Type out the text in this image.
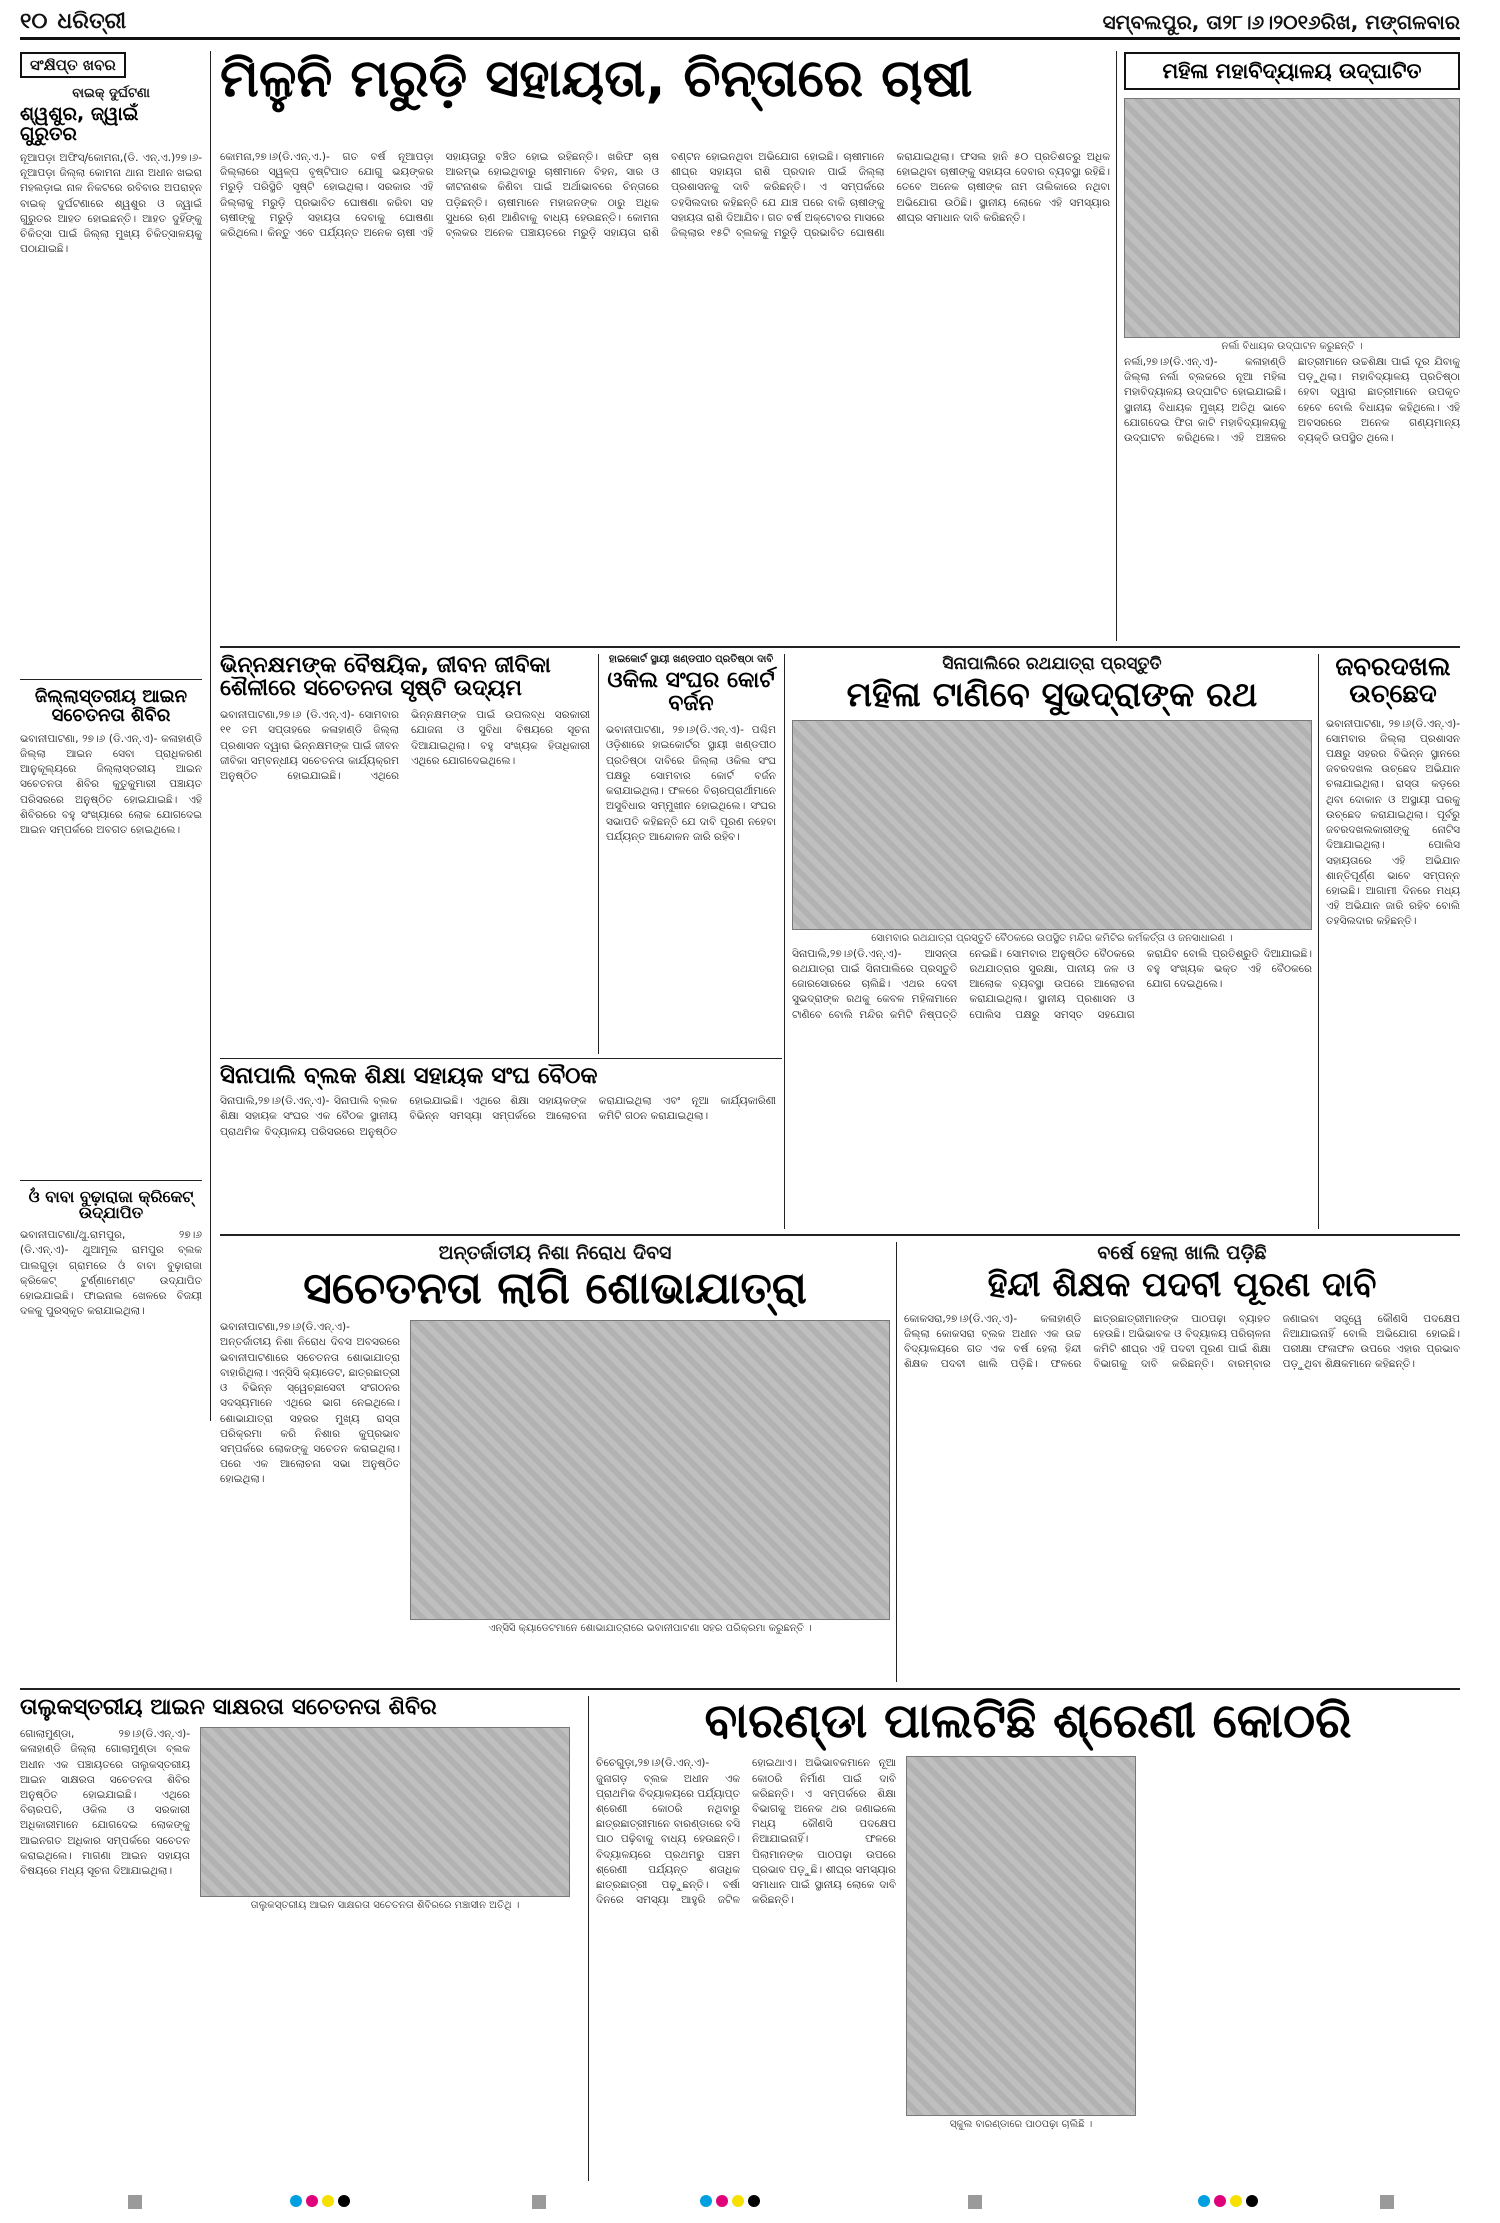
୧୦ ଧରିତ୍ରୀ	ସମ୍ବଲପୁର, ତା୨୮।୬।୨୦୧୬ରିଖ, ମଙ୍ଗଳବାର
ସଂକ୍ଷିପ୍ତ ଖବର
ବାଇକ୍ ଦୁର୍ଘଟଣା
ଶ୍ୱଶୁର, ଜ୍ୱାଇଁ ଗୁରୁତର
ନୂଆପଡ଼ା ଅଫିସ୍/କୋମନା,(ଡି. ଏନ୍.ଏ.)୨୭।୬- ନୂଆପଡ଼ା ଜିଲ୍ଲା କୋମନା ଥାନା ଅଧୀନ ଖଇରା ମହଲଡ଼ାଇ ନାଳ ନିକଟରେ ରବିବାର ଅପରାହ୍ନ ବାଇକ୍ ଦୁର୍ଘଟଣାରେ ଶ୍ୱଶୁର ଓ ଜ୍ୱାଇଁ ଗୁରୁତର ଆହତ ହୋଇଛନ୍ତି। ଆହତ ଦୁହିଁଙ୍କୁ ଚିକିତ୍ସା ପାଇଁ ଜିଲ୍ଲା ମୁଖ୍ୟ ଚିକିତ୍ସାଳୟକୁ ପଠାଯାଇଛି।
ଜିଲ୍ଲାସ୍ତରୀୟ ଆଇନ ସଚେତନତା ଶିବିର
ଭବାନୀପାଟଣା, ୨୭।୬ (ଡି.ଏନ୍.ଏ)- କଳାହାଣ୍ଡି ଜିଲ୍ଲା ଆଇନ ସେବା ପ୍ରାଧିକରଣ ଆନୁକୂଲ୍ୟରେ ଜିଲ୍ଲାସ୍ତରୀୟ ଆଇନ ସଚେତନତା ଶିବିର କୁତୁକୁମାରୀ ପଞ୍ଚାୟତ ପରିସରରେ ଅନୁଷ୍ଠିତ ହୋଇଯାଇଛି। ଏହି ଶିବିରରେ ବହୁ ସଂଖ୍ୟାରେ ଲୋକ ଯୋଗଦେଇ ଆଇନ ସମ୍ପର୍କରେ ଅବଗତ ହୋଇଥିଲେ।
ଓଁ ବାବା ବୁଢ଼ାରାଜା କ୍ରିକେଟ୍ ଉଦ୍‌ଯାପିତ
ଭବାନୀପାଟଣା/ଥୁ.ରାମପୁର, ୨୭।୬ (ଡି.ଏନ୍.ଏ)- ଥୁଆମୂଲ ରାମପୁର ବ୍ଲକ ପାଲଗୁଡ଼ା ଗ୍ରାମରେ ଓଁ ବାବା ବୁଢ଼ାରାଜା କ୍ରିକେଟ୍ ଟୁର୍ଣ୍ଣାମେଣ୍ଟ ଉଦ୍‌ଯାପିତ ହୋଇଯାଇଛି। ଫାଇନାଲ ଖେଳରେ ବିଜୟୀ ଦଳକୁ ପୁରସ୍କୃତ କରାଯାଇଥିଲା।
ମିଳୁନି ମରୁଡ଼ି ସହାୟତା, ଚିନ୍ତାରେ ଚାଷୀ
କୋମନା,୨୭।୬(ଡି.ଏନ୍.ଏ.)- ଗତ ବର୍ଷ ନୂଆପଡ଼ା ଜିଲ୍ଲାରେ ସ୍ୱଳ୍ପ ବୃଷ୍ଟିପାତ ଯୋଗୁ ଭୟଙ୍କର ମରୁଡ଼ି ପରିସ୍ଥିତି ସୃଷ୍ଟି ହୋଇଥିଲା। ସରକାର ଏହି ଜିଲ୍ଲାକୁ ମରୁଡ଼ି ପ୍ରଭାବିତ ଘୋଷଣା କରିବା ସହ ଚାଷୀଙ୍କୁ ମରୁଡ଼ି ସହାୟତା ଦେବାକୁ ଘୋଷଣା କରିଥିଲେ। କିନ୍ତୁ ଏବେ ପର୍ଯ୍ୟନ୍ତ ଅନେକ ଚାଷୀ ଏହି ସହାୟତାରୁ ବଞ୍ଚିତ ହୋଇ ରହିଛନ୍ତି। ଖରିଫ ଚାଷ ଆରମ୍ଭ ହୋଇଥିବାରୁ ଚାଷୀମାନେ ବିହନ, ସାର ଓ କୀଟନାଶକ କିଣିବା ପାଇଁ ଅର୍ଥାଭାବରେ ଚିନ୍ତାରେ ପଡ଼ିଛନ୍ତି। ଚାଷୀମାନେ ମହାଜନଙ୍କ ଠାରୁ ଅଧିକ ସୁଧରେ ଋଣ ଆଣିବାକୁ ବାଧ୍ୟ ହେଉଛନ୍ତି। କୋମନା ବ୍ଲକର ଅନେକ ପଞ୍ଚାୟତରେ ମରୁଡ଼ି ସହାୟତା ରାଶି ବଣ୍ଟନ ହୋଇନଥିବା ଅଭିଯୋଗ ହୋଇଛି। ଚାଷୀମାନେ ଶୀଘ୍ର ସହାୟତା ରାଶି ପ୍ରଦାନ ପାଇଁ ଜିଲ୍ଲା ପ୍ରଶାସନକୁ ଦାବି କରିଛନ୍ତି। ଏ ସମ୍ପର୍କରେ ତହସିଲଦାର କହିଛନ୍ତି ଯେ ଯାଞ୍ଚ ପରେ ବାକି ଚାଷୀଙ୍କୁ ସହାୟତା ରାଶି ଦିଆଯିବ। ଗତ ବର୍ଷ ଅକ୍ଟୋବର ମାସରେ ଜିଲ୍ଲାର ୧୫ଟି ବ୍ଲକକୁ ମରୁଡ଼ି ପ୍ରଭାବିତ ଘୋଷଣା କରାଯାଇଥିଲା। ଫସଲ ହାନି ୫୦ ପ୍ରତିଶତରୁ ଅଧିକ ହୋଇଥିବା ଚାଷୀଙ୍କୁ ସହାୟତା ଦେବାର ବ୍ୟବସ୍ଥା ରହିଛି। ତେବେ ଅନେକ ଚାଷୀଙ୍କ ନାମ ତାଲିକାରେ ନଥିବା ଅଭିଯୋଗ ଉଠିଛି। ସ୍ଥାନୀୟ ଲୋକେ ଏହି ସମସ୍ୟାର ଶୀଘ୍ର ସମାଧାନ ଦାବି କରିଛନ୍ତି।
ମହିଳା ମହାବିଦ୍ୟାଳୟ ଉଦ୍‌ଘାଟିତ
ନର୍ଲା ବିଧାୟକ ଉଦ୍‌ଘାଟନ କରୁଛନ୍ତି ।
ନର୍ଲା,୨୭।୬(ଡି.ଏନ୍.ଏ)- କଳାହାଣ୍ଡି ଜିଲ୍ଲା ନର୍ଲା ବ୍ଲକରେ ନୂଆ ମହିଳା ମହାବିଦ୍ୟାଳୟ ଉଦ୍‌ଘାଟିତ ହୋଇଯାଇଛି। ସ୍ଥାନୀୟ ବିଧାୟକ ମୁଖ୍ୟ ଅତିଥି ଭାବେ ଯୋଗଦେଇ ଫିତା କାଟି ମହାବିଦ୍ୟାଳୟକୁ ଉଦ୍‌ଘାଟନ କରିଥିଲେ। ଏହି ଅଞ୍ଚଳର ଛାତ୍ରୀମାନେ ଉଚ୍ଚଶିକ୍ଷା ପାଇଁ ଦୂର ଯିବାକୁ ପଡ଼ୁଥିଲା। ମହାବିଦ୍ୟାଳୟ ପ୍ରତିଷ୍ଠା ହେବା ଦ୍ୱାରା ଛାତ୍ରୀମାନେ ଉପକୃତ ହେବେ ବୋଲି ବିଧାୟକ କହିଥିଲେ। ଏହି ଅବସରରେ ଅନେକ ଗଣ୍ୟମାନ୍ୟ ବ୍ୟକ୍ତି ଉପସ୍ଥିତ ଥିଲେ।
ଭିନ୍ନକ୍ଷମଙ୍କ ବୈଷୟିକ, ଜୀବନ ଜୀବିକା ଶୈଳୀରେ ସଚେତନତା ସୃଷ୍ଟି ଉଦ୍ୟମ
ଭବାନୀପାଟଣା,୨୭।୬ (ଡି.ଏନ୍.ଏ)- ସୋମବାର ୧୧ ତମ ସପ୍ତାହରେ କଳାହାଣ୍ଡି ଜିଲ୍ଲା ପ୍ରଶାସନ ଦ୍ୱାରା ଭିନ୍ନକ୍ଷମଙ୍କ ପାଇଁ ଜୀବନ ଜୀବିକା ସମ୍ବନ୍ଧୀୟ ସଚେତନତା କାର୍ଯ୍ୟକ୍ରମ ଅନୁଷ୍ଠିତ ହୋଇଯାଇଛି। ଏଥିରେ ଭିନ୍ନକ୍ଷମଙ୍କ ପାଇଁ ଉପଲବ୍ଧ ସରକାରୀ ଯୋଜନା ଓ ସୁବିଧା ବିଷୟରେ ସୂଚନା ଦିଆଯାଇଥିଲା। ବହୁ ସଂଖ୍ୟକ ହିତାଧିକାରୀ ଏଥିରେ ଯୋଗଦେଇଥିଲେ।
ହାଇକୋର୍ଟ ସ୍ଥାୟୀ ଖଣ୍ଡପୀଠ ପ୍ରତିଷ୍ଠା ଦାବି
ଓକିଲ ସଂଘର କୋର୍ଟ ବର୍ଜନ
ଭବାନୀପାଟଣା, ୨୭।୬(ଡି.ଏନ୍.ଏ)- ପଶ୍ଚିମ ଓଡ଼ିଶାରେ ହାଇକୋର୍ଟର ସ୍ଥାୟୀ ଖଣ୍ଡପୀଠ ପ୍ରତିଷ୍ଠା ଦାବିରେ ଜିଲ୍ଲା ଓକିଲ ସଂଘ ପକ୍ଷରୁ ସୋମବାର କୋର୍ଟ ବର୍ଜନ କରାଯାଇଥିଲା। ଫଳରେ ବିଚାରପ୍ରାର୍ଥୀମାନେ ଅସୁବିଧାର ସମ୍ମୁଖୀନ ହୋଇଥିଲେ। ସଂଘର ସଭାପତି କହିଛନ୍ତି ଯେ ଦାବି ପୂରଣ ନହେବା ପର୍ଯ୍ୟନ୍ତ ଆନ୍ଦୋଳନ ଜାରି ରହିବ।
ସିନାପାଲିରେ ରଥଯାତ୍ରା ପ୍ରସ୍ତୁତି
ମହିଳା ଟାଣିବେ ସୁଭଦ୍ରାଙ୍କ ରଥ
ସୋମବାର ରଥଯାତ୍ରା ପ୍ରସ୍ତୁତି ବୈଠକରେ ଉପସ୍ଥିତ ମନ୍ଦିର କମିଟିର କର୍ମକର୍ତ୍ତା ଓ ଜନସାଧାରଣ ।
ସିନାପାଲି,୨୭।୬(ଡି.ଏନ୍.ଏ)- ଆସନ୍ତା ରଥଯାତ୍ରା ପାଇଁ ସିନାପାଲିରେ ପ୍ରସ୍ତୁତି ଜୋରସୋରରେ ଚାଲିଛି। ଏଥର ଦେବୀ ସୁଭଦ୍ରାଙ୍କ ରଥକୁ କେବଳ ମହିଳାମାନେ ଟାଣିବେ ବୋଲି ମନ୍ଦିର କମିଟି ନିଷ୍ପତ୍ତି ନେଇଛି। ସୋମବାର ଅନୁଷ୍ଠିତ ବୈଠକରେ ରଥଯାତ୍ରାର ସୁରକ୍ଷା, ପାନୀୟ ଜଳ ଓ ଆଲୋକ ବ୍ୟବସ୍ଥା ଉପରେ ଆଲୋଚନା କରାଯାଇଥିଲା। ସ୍ଥାନୀୟ ପ୍ରଶାସନ ଓ ପୋଲିସ ପକ୍ଷରୁ ସମସ୍ତ ସହଯୋଗ କରାଯିବ ବୋଲି ପ୍ରତିଶ୍ରୁତି ଦିଆଯାଇଛି। ବହୁ ସଂଖ୍ୟକ ଭକ୍ତ ଏହି ବୈଠକରେ ଯୋଗ ଦେଇଥିଲେ।
ଜବରଦଖଲ ଉଚ୍ଛେଦ
ଭବାନୀପାଟଣା, ୨୭।୬(ଡି.ଏନ୍.ଏ)- ସୋମବାର ଜିଲ୍ଲା ପ୍ରଶାସନ ପକ୍ଷରୁ ସହରର ବିଭିନ୍ନ ସ୍ଥାନରେ ଜବରଦଖଲ ଉଚ୍ଛେଦ ଅଭିଯାନ ଚଳାଯାଇଥିଲା। ରାସ୍ତା କଡ଼ରେ ଥିବା ଦୋକାନ ଓ ଅସ୍ଥାୟୀ ଘରକୁ ଉଚ୍ଛେଦ କରାଯାଇଥିଲା। ପୂର୍ବରୁ ଜବରଦଖଲକାରୀଙ୍କୁ ନୋଟିସ ଦିଆଯାଇଥିଲା। ପୋଲିସ ସହାୟତାରେ ଏହି ଅଭିଯାନ ଶାନ୍ତିପୂର୍ଣ୍ଣ ଭାବେ ସମ୍ପନ୍ନ ହୋଇଛି। ଆଗାମୀ ଦିନରେ ମଧ୍ୟ ଏହି ଅଭିଯାନ ଜାରି ରହିବ ବୋଲି ତହସିଲଦାର କହିଛନ୍ତି।
ସିନାପାଲି ବ୍ଲକ ଶିକ୍ଷା ସହାୟକ ସଂଘ ବୈଠକ
ସିନାପାଲି,୨୭।୬(ଡି.ଏନ୍.ଏ)- ସିନାପାଲି ବ୍ଲକ ଶିକ୍ଷା ସହାୟକ ସଂଘର ଏକ ବୈଠକ ସ୍ଥାନୀୟ ପ୍ରାଥମିକ ବିଦ୍ୟାଳୟ ପରିସରରେ ଅନୁଷ୍ଠିତ ହୋଇଯାଇଛି। ଏଥିରେ ଶିକ୍ଷା ସହାୟକଙ୍କ ବିଭିନ୍ନ ସମସ୍ୟା ସମ୍ପର୍କରେ ଆଲୋଚନା କରାଯାଇଥିଲା ଏବଂ ନୂଆ କାର୍ଯ୍ୟକାରିଣୀ କମିଟି ଗଠନ କରାଯାଇଥିଲା।
ଅନ୍ତର୍ଜାତୀୟ ନିଶା ନିରୋଧ ଦିବସ
ସଚେତନତା ଲାଗି ଶୋଭାଯାତ୍ରା
ଭବାନୀପାଟଣା,୨୭।୬(ଡି.ଏନ୍.ଏ)- ଅନ୍ତର୍ଜାତୀୟ ନିଶା ନିରୋଧ ଦିବସ ଅବସରରେ ଭବାନୀପାଟଣାରେ ସଚେତନତା ଶୋଭାଯାତ୍ରା ବାହାରିଥିଲା। ଏନ୍‌ସିସି କ୍ୟାଡେଟ, ଛାତ୍ରଛାତ୍ରୀ ଓ ବିଭିନ୍ନ ସ୍ୱେଚ୍ଛାସେବୀ ସଂଗଠନର ସଦସ୍ୟମାନେ ଏଥିରେ ଭାଗ ନେଇଥିଲେ। ଶୋଭାଯାତ୍ରା ସହରର ମୁଖ୍ୟ ରାସ୍ତା ପରିକ୍ରମା କରି ନିଶାର କୁପ୍ରଭାବ ସମ୍ପର୍କରେ ଲୋକଙ୍କୁ ସଚେତନ କରାଇଥିଲା। ପରେ ଏକ ଆଲୋଚନା ସଭା ଅନୁଷ୍ଠିତ ହୋଇଥିଲା।
ଏନ୍‌ସିସି କ୍ୟାଡେଟମାନେ ଶୋଭାଯାତ୍ରାରେ ଭବାନୀପାଟଣା ସହର ପରିକ୍ରମା କରୁଛନ୍ତି ।
ବର୍ଷେ ହେଲା ଖାଲି ପଡ଼ିଛି
ହିନ୍ଦୀ ଶିକ୍ଷକ ପଦବୀ ପୂରଣ ଦାବି
କୋକସରା,୨୭।୬(ଡି.ଏନ୍.ଏ)- କଳାହାଣ୍ଡି ଜିଲ୍ଲା କୋକସରା ବ୍ଲକ ଅଧୀନ ଏକ ଉଚ୍ଚ ବିଦ୍ୟାଳୟରେ ଗତ ଏକ ବର୍ଷ ହେଲା ହିନ୍ଦୀ ଶିକ୍ଷକ ପଦବୀ ଖାଲି ପଡ଼ିଛି। ଫଳରେ ଛାତ୍ରଛାତ୍ରୀମାନଙ୍କ ପାଠପଢ଼ା ବ୍ୟାହତ ହେଉଛି। ଅଭିଭାବକ ଓ ବିଦ୍ୟାଳୟ ପରିଚାଳନା କମିଟି ଶୀଘ୍ର ଏହି ପଦବୀ ପୂରଣ ପାଇଁ ଶିକ୍ଷା ବିଭାଗକୁ ଦାବି କରିଛନ୍ତି। ବାରମ୍ବାର ଜଣାଇବା ସତ୍ତ୍ୱେ କୌଣସି ପଦକ୍ଷେପ ନିଆଯାଇନାହିଁ ବୋଲି ଅଭିଯୋଗ ହୋଇଛି। ପରୀକ୍ଷା ଫଳାଫଳ ଉପରେ ଏହାର ପ୍ରଭାବ ପଡ଼ୁଥିବା ଶିକ୍ଷକମାନେ କହିଛନ୍ତି।
ତାଲୁକସ୍ତରୀୟ ଆଇନ ସାକ୍ଷରତା ସଚେତନତା ଶିବିର
ଗୋଲାମୁଣ୍ଡା, ୨୭।୬(ଡି.ଏନ୍.ଏ)- କଳାହାଣ୍ଡି ଜିଲ୍ଲା ଗୋଲାମୁଣ୍ଡା ବ୍ଲକ ଅଧୀନ ଏକ ପଞ୍ଚାୟତରେ ତାଲୁକସ୍ତରୀୟ ଆଇନ ସାକ୍ଷରତା ସଚେତନତା ଶିବିର ଅନୁଷ୍ଠିତ ହୋଇଯାଇଛି। ଏଥିରେ ବିଚାରପତି, ଓକିଲ ଓ ସରକାରୀ ଅଧିକାରୀମାନେ ଯୋଗଦେଇ ଲୋକଙ୍କୁ ଆଇନଗତ ଅଧିକାର ସମ୍ପର୍କରେ ସଚେତନ କରାଇଥିଲେ। ମାଗଣା ଆଇନ ସହାୟତା ବିଷୟରେ ମଧ୍ୟ ସୂଚନା ଦିଆଯାଇଥିଲା।
ତାଲୁକସ୍ତରୀୟ ଆଇନ ସାକ୍ଷରତା ସଚେତନତା ଶିବିରରେ ମଞ୍ଚାସୀନ ଅତିଥି ।
ବାରଣ୍ଡା ପାଲଟିଛି ଶ୍ରେଣୀ କୋଠରି
ଚିଚେଗୁଡ଼ା,୨୭।୬(ଡି.ଏନ୍.ଏ)- ଜୁନାଗଡ଼ ବ୍ଲକ ଅଧୀନ ଏକ ପ୍ରାଥମିକ ବିଦ୍ୟାଳୟରେ ପର୍ଯ୍ୟାପ୍ତ ଶ୍ରେଣୀ କୋଠରି ନଥିବାରୁ ଛାତ୍ରଛାତ୍ରୀମାନେ ବାରଣ୍ଡାରେ ବସି ପାଠ ପଢ଼ିବାକୁ ବାଧ୍ୟ ହେଉଛନ୍ତି। ବିଦ୍ୟାଳୟରେ ପ୍ରଥମରୁ ପଞ୍ଚମ ଶ୍ରେଣୀ ପର୍ଯ୍ୟନ୍ତ ଶତାଧିକ ଛାତ୍ରଛାତ୍ରୀ ପଢ଼ୁଛନ୍ତି। ବର୍ଷା ଦିନରେ ସମସ୍ୟା ଆହୁରି ଜଟିଳ ହୋଇଥାଏ। ଅଭିଭାବକମାନେ ନୂଆ କୋଠରି ନିର୍ମାଣ ପାଇଁ ଦାବି କରିଛନ୍ତି। ଏ ସମ୍ପର୍କରେ ଶିକ୍ଷା ବିଭାଗକୁ ଅନେକ ଥର ଜଣାଇଲେ ମଧ୍ୟ କୌଣସି ପଦକ୍ଷେପ ନିଆଯାଇନାହିଁ। ଫଳରେ ପିଲାମାନଙ୍କ ପାଠପଢ଼ା ଉପରେ ପ୍ରଭାବ ପଡ଼ୁଛି। ଶୀଘ୍ର ସମସ୍ୟାର ସମାଧାନ ପାଇଁ ସ୍ଥାନୀୟ ଲୋକେ ଦାବି କରିଛନ୍ତି।
ସ୍କୁଲ ବାରଣ୍ଡାରେ ପାଠପଢ଼ା ଚାଲିଛି ।
